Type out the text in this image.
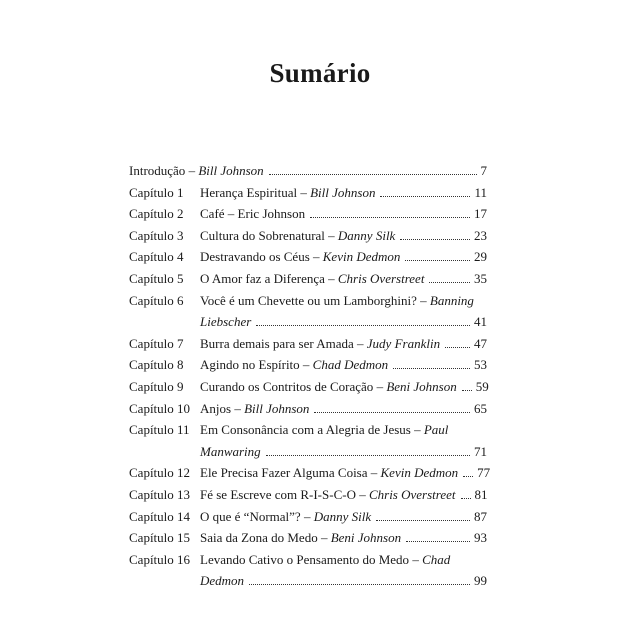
Sumário
Introdução – Bill Johnson	7
Capítulo 1	Herança Espiritual – Bill Johnson	11
Capítulo 2	Café – Eric Johnson	17
Capítulo 3	Cultura do Sobrenatural – Danny Silk	23
Capítulo 4	Destravando os Céus – Kevin Dedmon	29
Capítulo 5	O Amor faz a Diferença – Chris Overstreet	35
Capítulo 6	Você é um Chevette ou um Lamborghini? – Banning
Liebscher	41
Capítulo 7	Burra demais para ser Amada – Judy Franklin	47
Capítulo 8	Agindo no Espírito – Chad Dedmon	53
Capítulo 9	Curando os Contritos de Coração – Beni Johnson 59
Capítulo 10 Anjos – Bill Johnson	65
Capítulo 11 Em Consonância com a Alegria de Jesus – Paul
Manwaring	71
Capítulo 12 Ele Precisa Fazer Alguma Coisa – Kevin Dedmon 77
Capítulo 13 Fé se Escreve com R-I-S-C-O – Chris Overstreet 81
Capítulo 14 O que é “Normal”? – Danny Silk	87
Capítulo 15 Saia da Zona do Medo – Beni Johnson	93
Capítulo 16 Levando Cativo o Pensamento do Medo – Chad
Dedmon	99
